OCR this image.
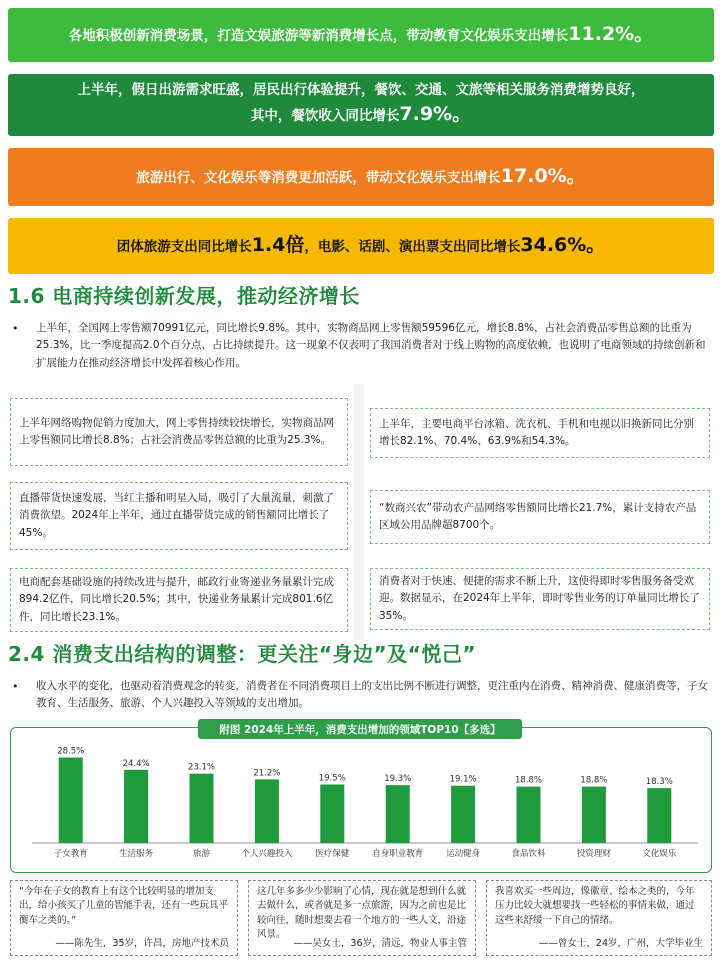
各地积极创新消费场景，打造文娱旅游等新消费增长点，带动教育文化娱乐支出增长11.2%。
上半年，假日出游需求旺盛，居民出行体验提升，餐饮、交通、文旅等相关服务消费增势良好，
其中，餐饮收入同比增长7.9%。
旅游出行、文化娱乐等消费更加活跃，带动文化娱乐支出增长17.0%。
团体旅游支出同比增长1.4倍，电影、话剧、演出票支出同比增长34.6%。
1.6 电商持续创新发展，推动经济增长
• 上半年，全国网上零售额70991亿元，同比增长9.8%。其中，实物商品网上零售额59596亿元，增长8.8%，占社会消费品零售总额的比重为25.3%，比一季度提高2.0个百分点，占比持续提升。这一现象不仅表明了我国消费者对于线上购物的高度依赖，也说明了电商领域的持续创新和扩展能力在推动经济增长中发挥着核心作用。
上半年网络购物促销力度加大，网上零售持续较快增长，实物商品网上零售额同比增长8.8%；占社会消费品零售总额的比重为25.3%。
上半年，主要电商平台冰箱、洗衣机、手机和电视以旧换新同比分别增长82.1%、70.4%、63.9%和54.3%。
直播带货快速发展，当红主播和明星入局，吸引了大量流量，刺激了消费欲望。2024年上半年，通过直播带货完成的销售额同比增长了45%。
“数商兴农”带动农产品网络零售额同比增长21.7%，累计支持农产品区域公用品牌超8700个。
电商配套基础设施的持续改进与提升，邮政行业寄递业务量累计完成894.2亿件，同比增长20.5%；其中，快递业务量累计完成801.6亿件，同比增长23.1%。
消费者对于快速、便捷的需求不断上升，这使得即时零售服务备受欢迎。数据显示，在2024年上半年，即时零售业务的订单量同比增长了35%。
2.4 消费支出结构的调整：更关注“身边”及“悦己”
• 收入水平的变化，也驱动着消费观念的转变，消费者在不同消费项目上的支出比例不断进行调整，更注重内在消费、精神消费、健康消费等，子女教育、生活服务、旅游、个人兴趣投入等领域的支出增加。
28.5%
子女教育
24.4%
生活服务
23.1%
旅游
21.2%
个人兴趣投入
19.5%
医疗保健
19.3%
自身职业教育
19.1%
运动健身
18.8%
食品饮料
18.8%
投资理财
18.3%
文化娱乐
附图 2024年上半年，消费支出增加的领域TOP10【多选】
“今年在子女的教育上有这个比较明显的增加支出，给小孩买了儿童的智能手表，还有一些玩具平衡车之类的。”
——陈先生，35岁，许昌，房地产技术员
这几年多多少少影响了心情，现在就是想到什么就去做什么，或者就是多一点旅游，因为之前也是比较向往，随时想要去看一个地方的一些人文，沿途风景。
——吴女士，36岁，清远，物业人事主管
我喜欢买一些周边，像徽章、绘本之类的，今年压力比较大就想要找一些轻松的事情来做，通过这些来舒缓一下自己的情绪。
——曾女士，24岁，广州，大学毕业生
